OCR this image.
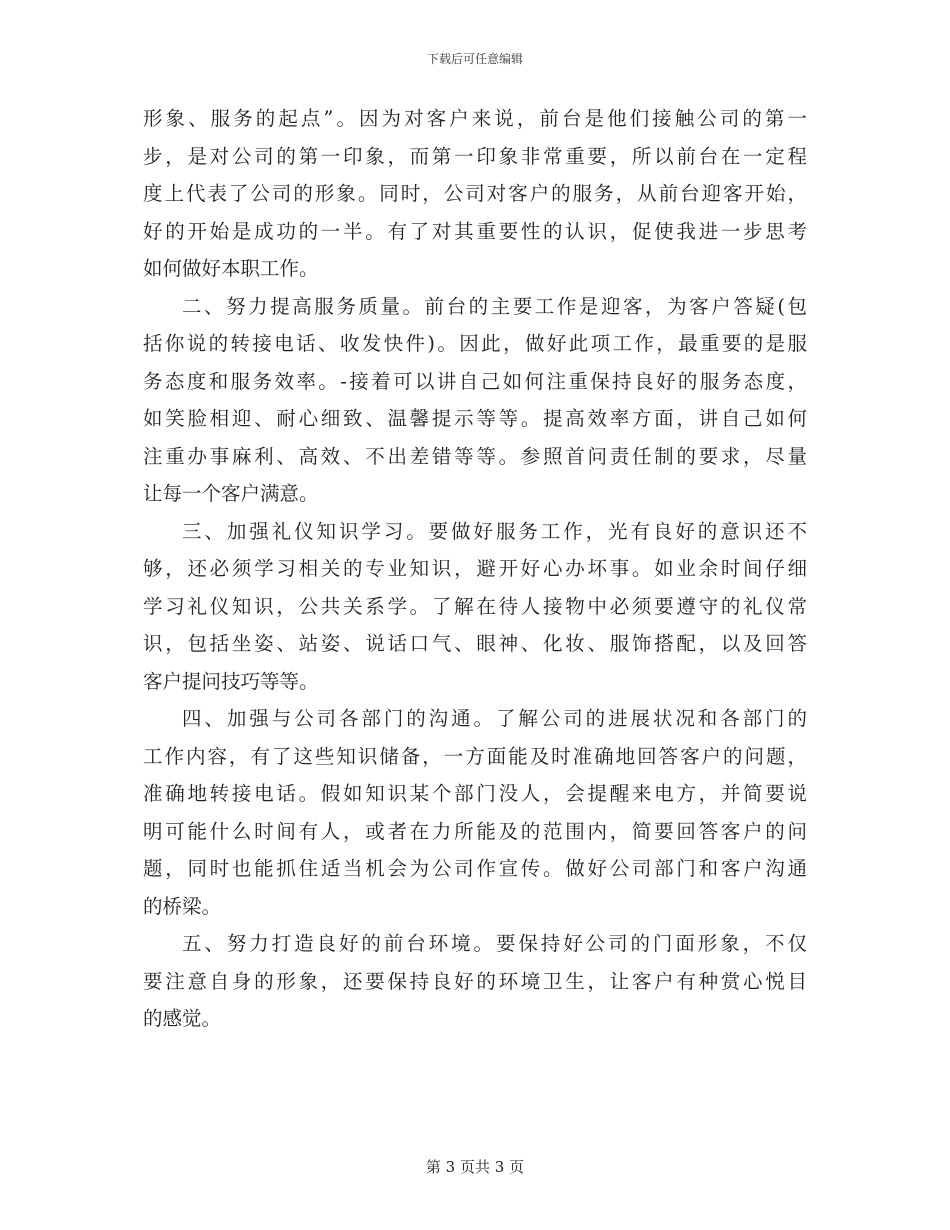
下载后可任意编辑
形象、服务的起点”。因为对客户来说，前台是他们接触公司的第一
步，是对公司的第一印象，而第一印象非常重要，所以前台在一定程
度上代表了公司的形象。同时，公司对客户的服务，从前台迎客开始，
好的开始是成功的一半。有了对其重要性的认识，促使我进一步思考
如何做好本职工作。
二、努力提高服务质量。前台的主要工作是迎客，为客户答疑(包
括你说的转接电话、收发快件)。因此，做好此项工作，最重要的是服
务态度和服务效率。-接着可以讲自己如何注重保持良好的服务态度，
如笑脸相迎、耐心细致、温馨提示等等。提高效率方面，讲自己如何
注重办事麻利、高效、不出差错等等。参照首问责任制的要求，尽量
让每一个客户满意。
三、加强礼仪知识学习。要做好服务工作，光有良好的意识还不
够，还必须学习相关的专业知识，避开好心办坏事。如业余时间仔细
学习礼仪知识，公共关系学。了解在待人接物中必须要遵守的礼仪常
识，包括坐姿、站姿、说话口气、眼神、化妆、服饰搭配，以及回答
客户提问技巧等等。
四、加强与公司各部门的沟通。了解公司的进展状况和各部门的
工作内容，有了这些知识储备，一方面能及时准确地回答客户的问题，
准确地转接电话。假如知识某个部门没人，会提醒来电方，并简要说
明可能什么时间有人，或者在力所能及的范围内，简要回答客户的问
题，同时也能抓住适当机会为公司作宣传。做好公司部门和客户沟通
的桥梁。
五、努力打造良好的前台环境。要保持好公司的门面形象，不仅
要注意自身的形象，还要保持良好的环境卫生，让客户有种赏心悦目
的感觉。
第 3 页共 3 页
